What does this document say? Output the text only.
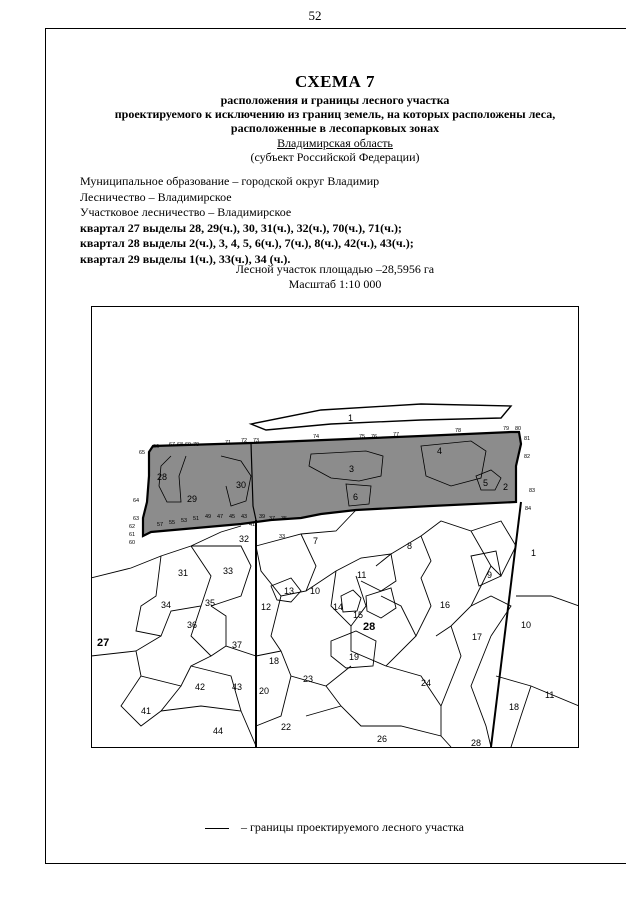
52
СХЕМА 7
расположения и границы лесного участка
проектируемого к исключению из границ земель, на которых расположены леса,
расположенные в лесопарковых зонах
Владимирская область
(субъект Российской Федерации)
Муниципальное образование – городской округ Владимир
Лесничество – Владимирское
Участковое лесничество – Владимирское
квартал 27 выделы 28, 29(ч.), 30, 31(ч.), 32(ч.), 70(ч.), 71(ч.);
квартал 28 выделы 2(ч.), 3, 4, 5, 6(ч.), 7(ч.), 8(ч.), 42(ч.), 43(ч.);
квартал 29 выделы 1(ч.), 33(ч.), 34 (ч.).
Лесной участок площадью –28,5956 га
Масштаб 1:10 000
28
29
30
3
4
5 2
6
1
31	33
32	7	8
9
1
34	35
36
12
13 10
11
14
15
16
17
10
37
18	19
23
42	43 20
24
11
41
44	22
26
18
28
27
28
65
66 67 68 69 70	71 72 73
74	75 76	77
78	79 80
81
82
83
84
64
63
62
61
60
57 55 53 51 49 47 45 43
41
39 37 35
33
– границы проектируемого лесного участка
